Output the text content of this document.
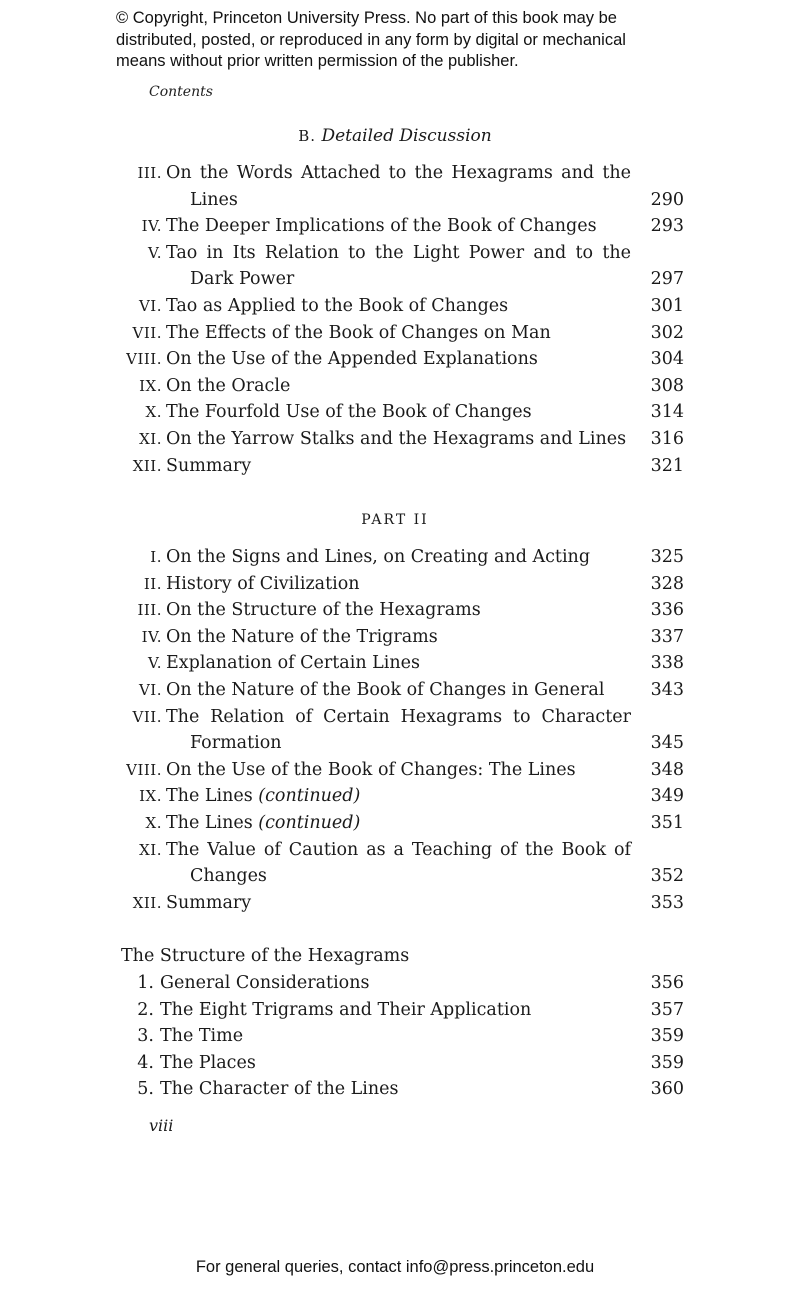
© Copyright, Princeton University Press. No part of this book may be
distributed, posted, or reproduced in any form by digital or mechanical
means without prior written permission of the publisher.
Contents
B. Detailed Discussion
III. On the Words Attached to the Hexagrams and the
Lines	290
IV. The Deeper Implications of the Book of Changes	293
V. Tao in Its Relation to the Light Power and to the
Dark Power	297
VI. Tao as Applied to the Book of Changes	301
VII. The Effects of the Book of Changes on Man	302
VIII. On the Use of the Appended Explanations	304
IX. On the Oracle	308
X. The Fourfold Use of the Book of Changes	314
XI. On the Yarrow Stalks and the Hexagrams and Lines 316
XII. Summary	321
PART II
I. On the Signs and Lines, on Creating and Acting	325
II. History of Civilization	328
III. On the Structure of the Hexagrams	336
IV. On the Nature of the Trigrams	337
V. Explanation of Certain Lines	338
VI. On the Nature of the Book of Changes in General	343
VII. The Relation of Certain Hexagrams to Character
Formation	345
VIII. On the Use of the Book of Changes: The Lines	348
IX. The Lines (continued)	349
X. The Lines (continued)	351
XI. The Value of Caution as a Teaching of the Book of
Changes	352
XII. Summary	353
The Structure of the Hexagrams
1. General Considerations	356
2. The Eight Trigrams and Their Application	357
3. The Time	359
4. The Places	359
5. The Character of the Lines	360
viii
For general queries, contact info@press.princeton.edu
